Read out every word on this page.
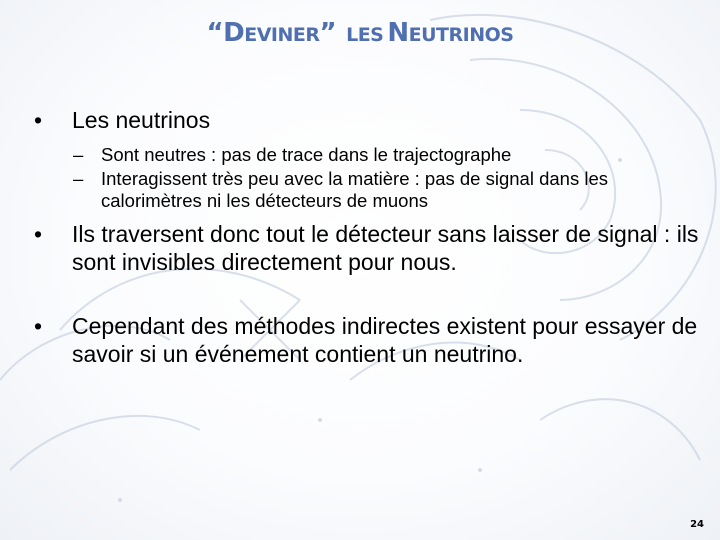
“DEVINER” LES NEUTRINOS
• Les neutrinos
– Sont neutres : pas de trace dans le trajectographe
– Interagissent très peu avec la matière : pas de signal dans les calorimètres ni les détecteurs de muons
• Ils traversent donc tout le détecteur sans laisser de signal : ils sont invisibles directement pour nous.
• Cependant des méthodes indirectes existent pour essayer de savoir si un événement contient un neutrino.
24
